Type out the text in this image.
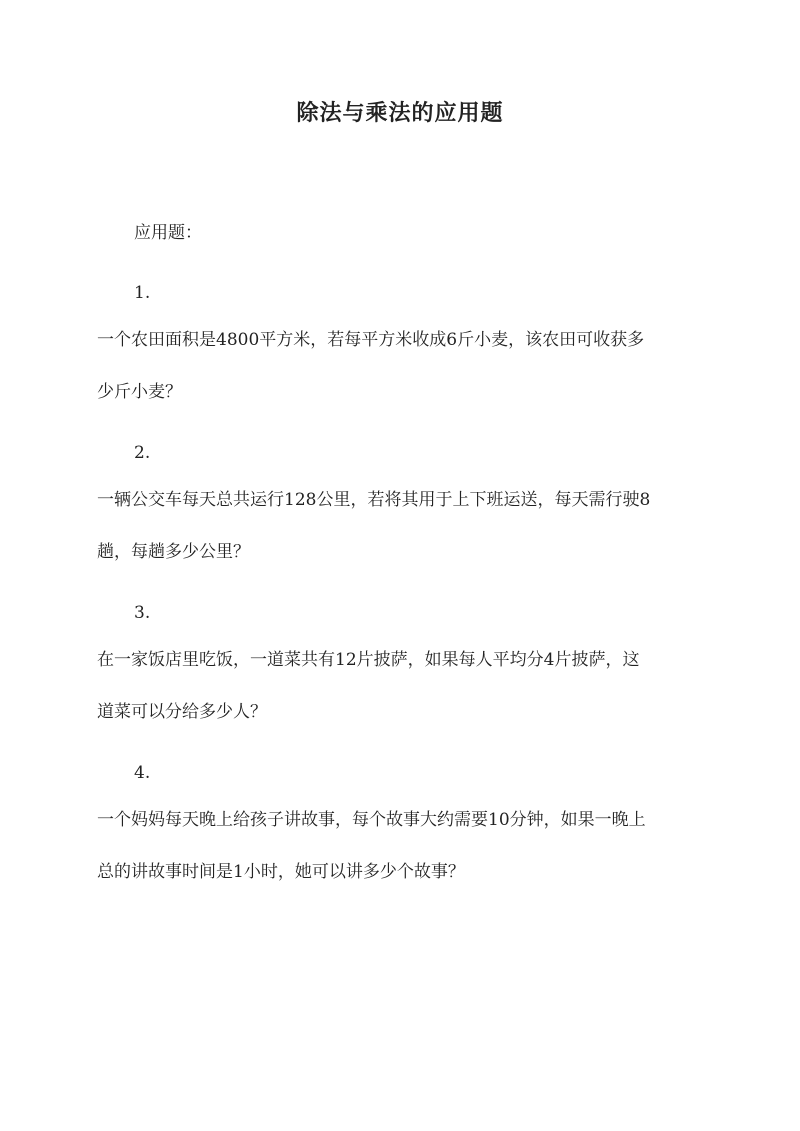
除法与乘法的应用题
应用题：
1.
一个农田面积是4800平方米，若每平方米收成6斤小麦，该农田可收获多
少斤小麦？
2.
一辆公交车每天总共运行128公里，若将其用于上下班运送，每天需行驶8
趟，每趟多少公里？
3.
在一家饭店里吃饭，一道菜共有12片披萨，如果每人平均分4片披萨，这
道菜可以分给多少人？
4.
一个妈妈每天晚上给孩子讲故事，每个故事大约需要10分钟，如果一晚上
总的讲故事时间是1小时，她可以讲多少个故事？
